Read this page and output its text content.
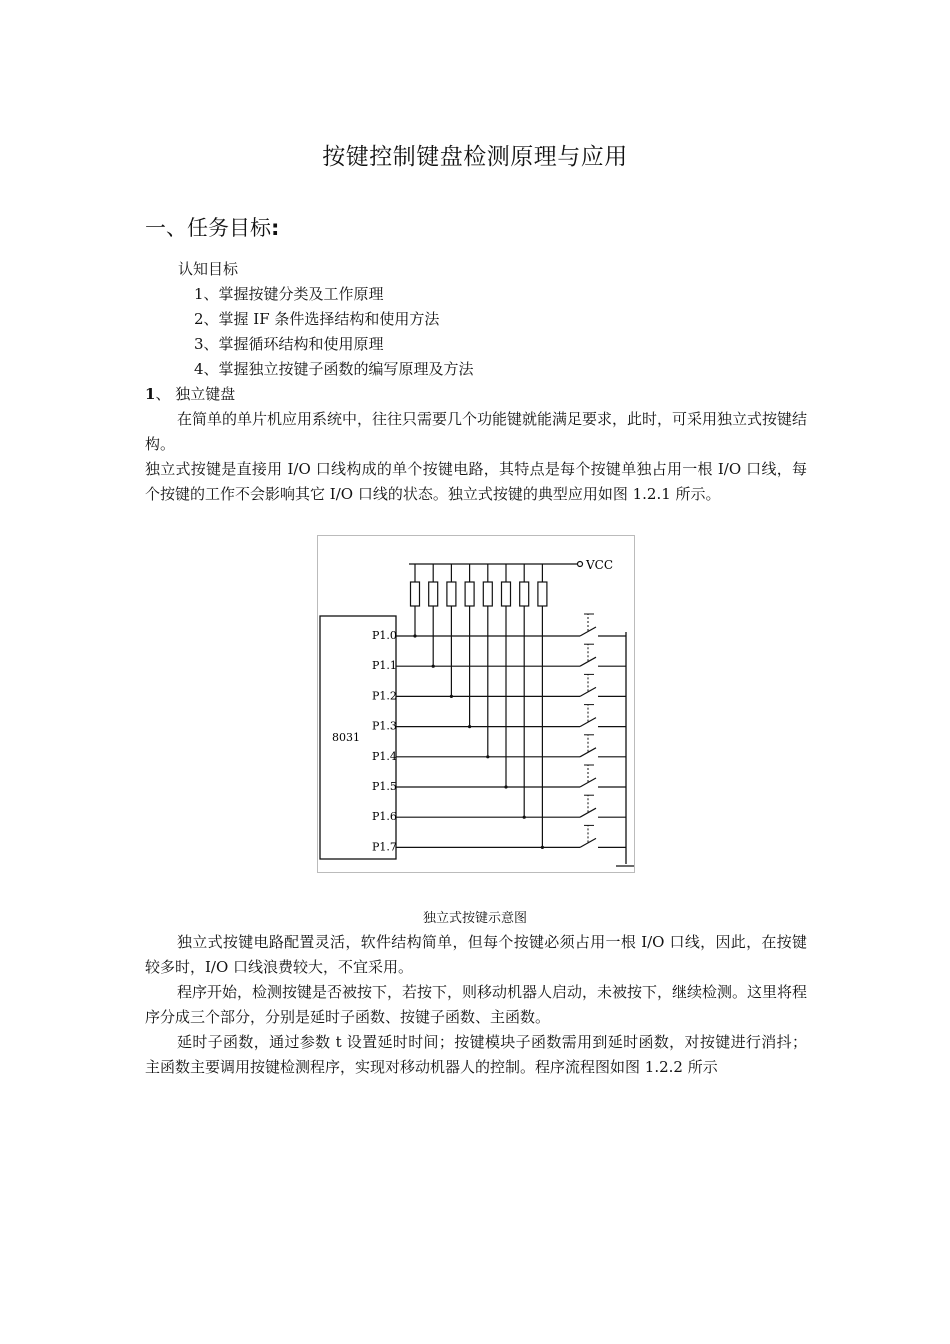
按键控制键盘检测原理与应用
一、任务目标:
认知目标
1、掌握按键分类及工作原理
2、掌握 IF 条件选择结构和使用方法
3、掌握循环结构和使用原理
4、掌握独立按键子函数的编写原理及方法
1、 独立键盘
在简单的单片机应用系统中，往往只需要几个功能键就能满足要求，此时，可采用独立式按键结构。
独立式按键是直接用 I/O 口线构成的单个按键电路，其特点是每个按键单独占用一根 I/O 口线，每个按键的工作不会影响其它 I/O 口线的状态。独立式按键的典型应用如图 1.2.1 所示。
VCC
8031
P1.0
P1.1
P1.2
P1.3
P1.4
P1.5
P1.6
P1.7
独立式按键示意图
独立式按键电路配置灵活，软件结构简单，但每个按键必须占用一根 I/O 口线，因此，在按键较多时，I/O 口线浪费较大，不宜采用。
程序开始，检测按键是否被按下，若按下，则移动机器人启动，未被按下，继续检测。这里将程序分成三个部分，分别是延时子函数、按键子函数、主函数。
延时子函数，通过参数 t 设置延时时间；按键模块子函数需用到延时函数，对按键进行消抖；主函数主要调用按键检测程序，实现对移动机器人的控制。程序流程图如图 1.2.2 所示
